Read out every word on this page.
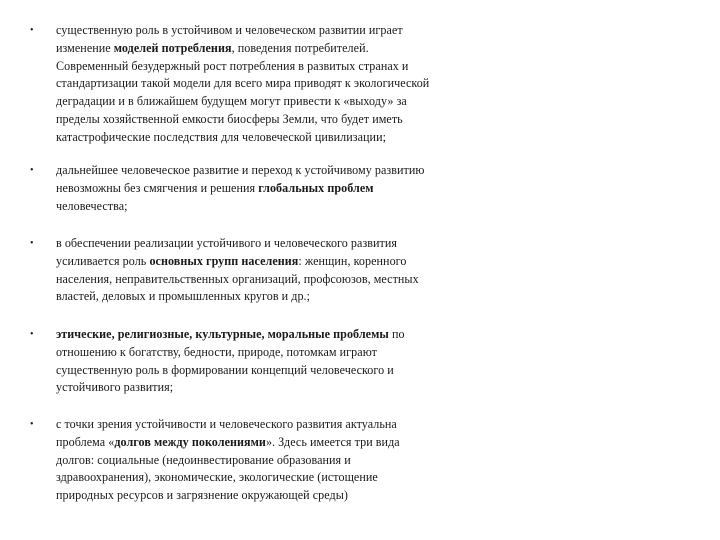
• существенную роль в устойчивом и человеческом развитии играет
изменение моделей потребления, поведения потребителей.
Современный безудержный рост потребления в развитых странах и
стандартизации такой модели для всего мира приводят к экологической
деградации и в ближайшем будущем могут привести к «выходу» за
пределы хозяйственной емкости биосферы Земли, что будет иметь
катастрофические последствия для человеческой цивилизации;
• дальнейшее человеческое развитие и переход к устойчивому развитию
невозможны без смягчения и решения глобальных проблем
человечества;
• в обеспечении реализации устойчивого и человеческого развития
усиливается роль основных групп населения: женщин, коренного
населения, неправительственных организаций, профсоюзов, местных
властей, деловых и промышленных кругов и др.;
• этические, религиозные, культурные, моральные проблемы по
отношению к богатству, бедности, природе, потомкам играют
существенную роль в формировании концепций человеческого и
устойчивого развития;
• с точки зрения устойчивости и человеческого развития актуальна
проблема «долгов между поколениями». Здесь имеется три вида
долгов: социальные (недоинвестирование образования и
здравоохранения), экономические, экологические (истощение
природных ресурсов и загрязнение окружающей среды)
